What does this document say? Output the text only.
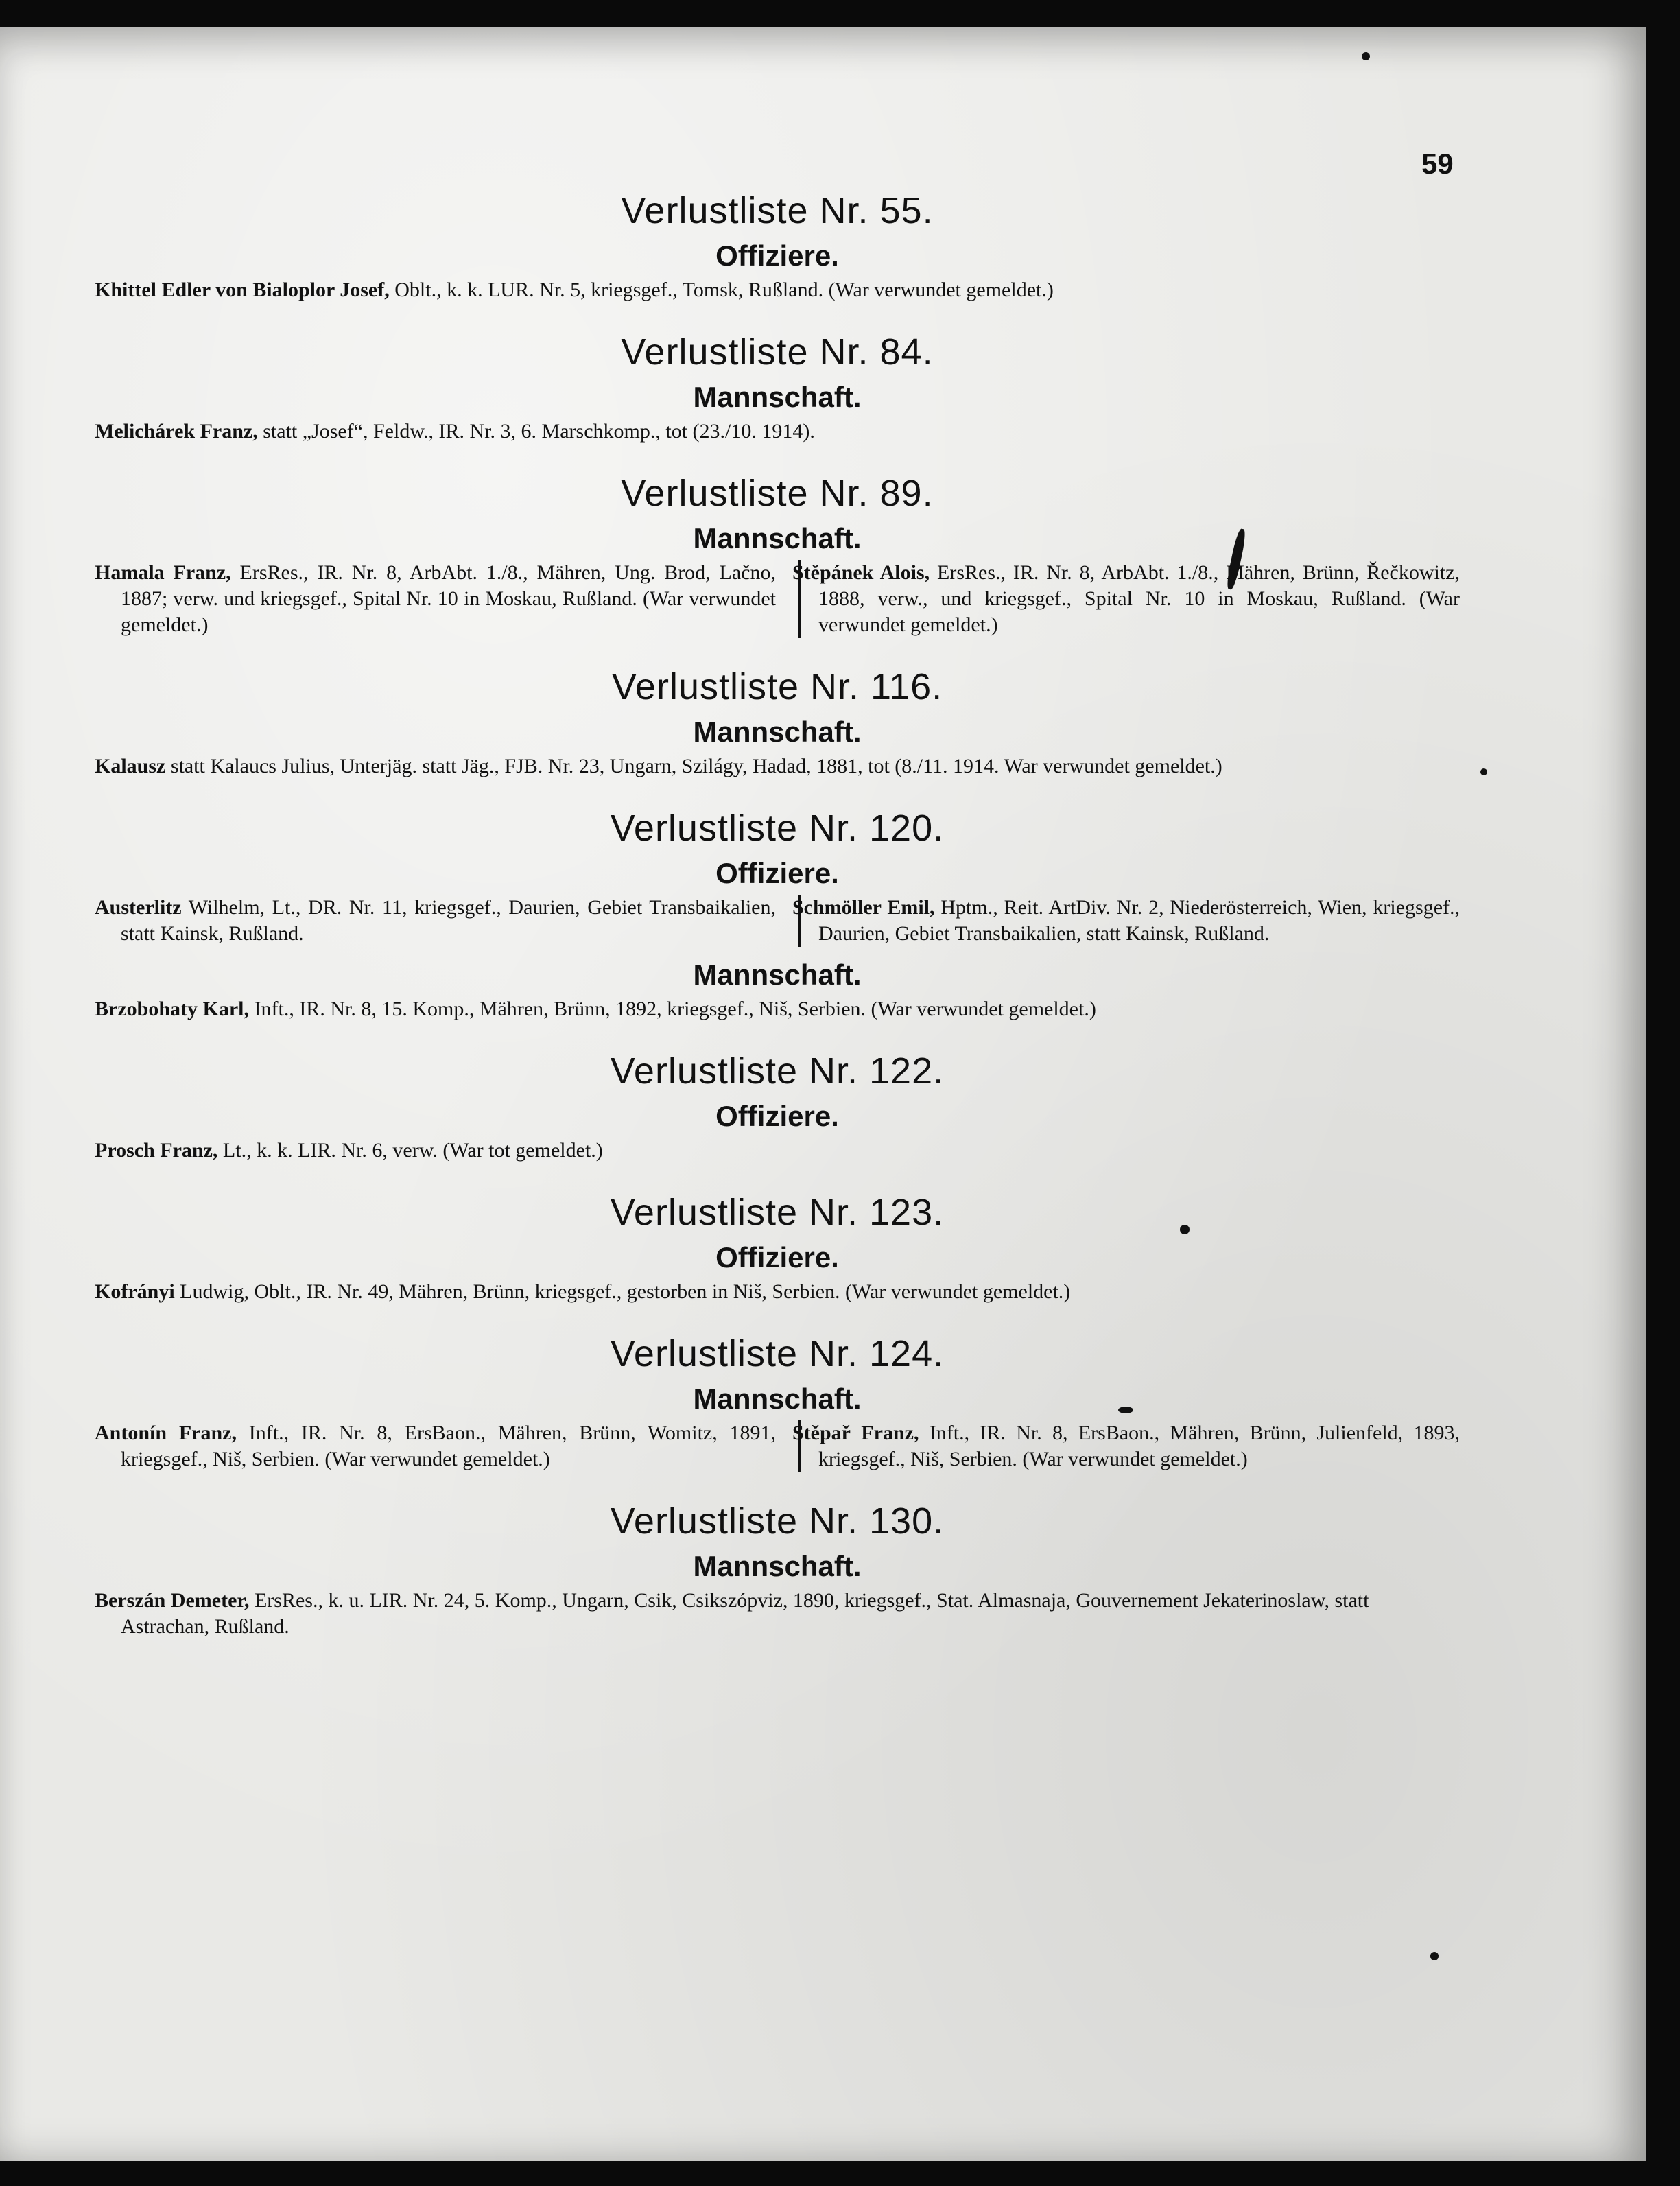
59
Verlustliste Nr. 55.
Offiziere.

Khittel Edler von Bialoplor Josef, Oblt., k. k. LUR. Nr. 5, kriegsgef., Tomsk, Rußland. (War verwundet gemeldet.)

Verlustliste Nr. 84.
Mannschaft.

Melichárek Franz, statt „Josef“, Feldw., IR. Nr. 3, 6. Marschkomp., tot (23./10. 1914).

Verlustliste Nr. 89.
Mannschaft.

Hamala Franz, ErsRes., IR. Nr. 8, ArbAbt. 1./8., Mähren, Ung. Brod, Lačno, 1887; verw. und kriegsgef., Spital Nr. 10 in Moskau, Rußland. (War verwundet gemeldet.)

Stěpánek Alois, ErsRes., IR. Nr. 8, ArbAbt. 1./8., Mähren, Brünn, Řečkowitz, 1888, verw., und kriegsgef., Spital Nr. 10 in Moskau, Rußland. (War verwundet gemeldet.)

Verlustliste Nr. 116.
Mannschaft.

Kalausz statt Kalaucs Julius, Unterjäg. statt Jäg., FJB. Nr. 23, Ungarn, Szilágy, Hadad, 1881, tot (8./11. 1914. War verwundet gemeldet.)

Verlustliste Nr. 120.
Offiziere.

Austerlitz Wilhelm, Lt., DR. Nr. 11, kriegsgef., Daurien, Gebiet Transbaikalien, statt Kainsk, Rußland.

Schmöller Emil, Hptm., Reit. ArtDiv. Nr. 2, Niederösterreich, Wien, kriegsgef., Daurien, Gebiet Transbaikalien, statt Kainsk, Rußland.

Mannschaft.

Brzobohaty Karl, Inft., IR. Nr. 8, 15. Komp., Mähren, Brünn, 1892, kriegsgef., Niš, Serbien. (War verwundet gemeldet.)

Verlustliste Nr. 122.
Offiziere.

Prosch Franz, Lt., k. k. LIR. Nr. 6, verw. (War tot gemeldet.)

Verlustliste Nr. 123.
Offiziere.

Kofrányi Ludwig, Oblt., IR. Nr. 49, Mähren, Brünn, kriegsgef., gestorben in Niš, Serbien. (War verwundet gemeldet.)

Verlustliste Nr. 124.
Mannschaft.

Antonín Franz, Inft., IR. Nr. 8, ErsBaon., Mähren, Brünn, Womitz, 1891, kriegsgef., Niš, Serbien. (War verwundet gemeldet.)

Stěpař Franz, Inft., IR. Nr. 8, ErsBaon., Mähren, Brünn, Julienfeld, 1893, kriegsgef., Niš, Serbien. (War verwundet gemeldet.)

Verlustliste Nr. 130.
Mannschaft.

Berszán Demeter, ErsRes., k. u. LIR. Nr. 24, 5. Komp., Ungarn, Csik, Csikszópviz, 1890, kriegsgef., Stat. Almasnaja, Gouvernement Jekaterinoslaw, statt Astrachan, Rußland.
